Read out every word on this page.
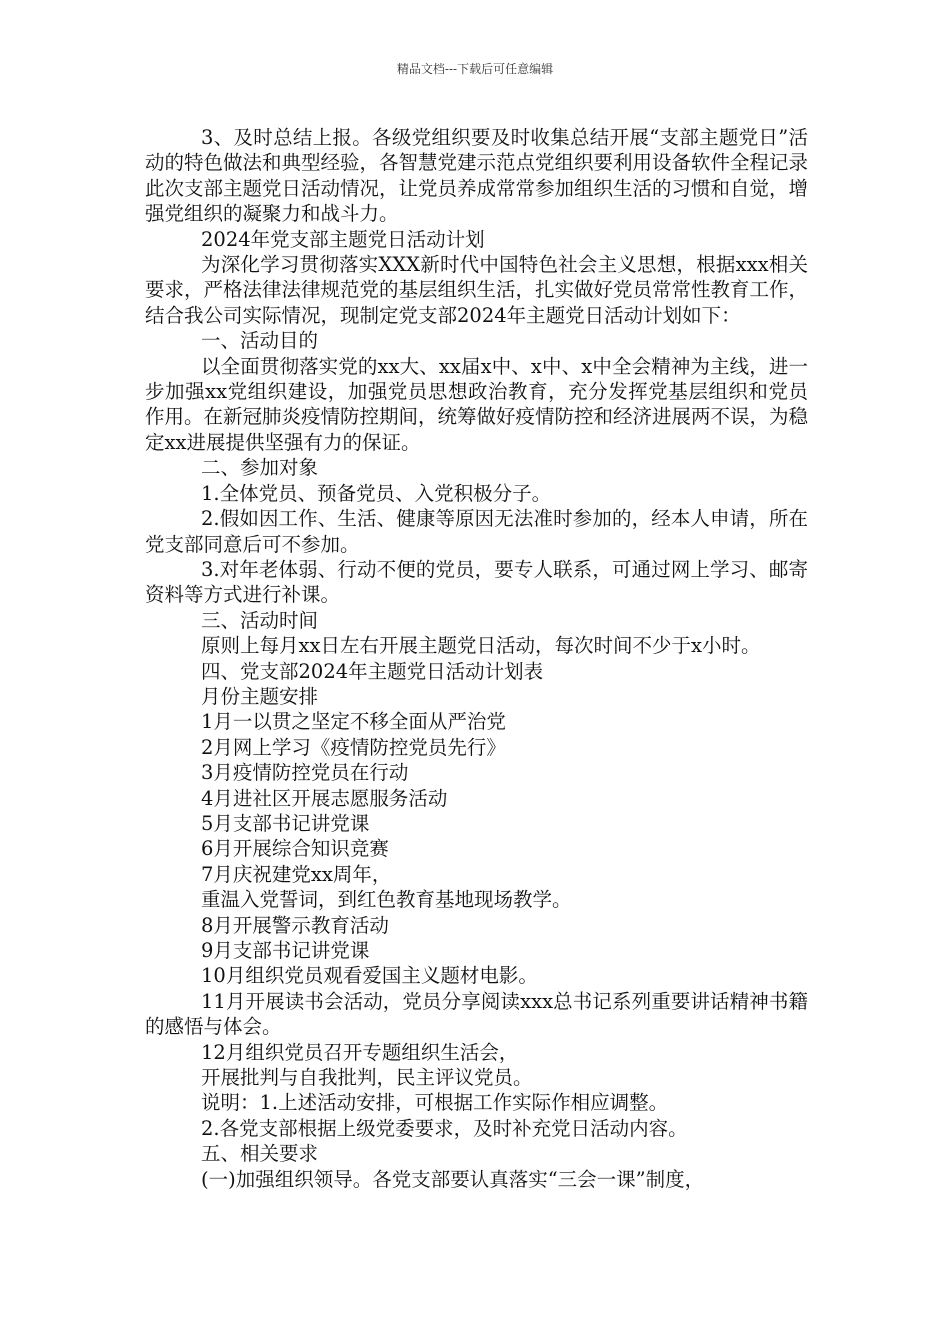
精品文档---下载后可任意编辑

3、及时总结上报。各级党组织要及时收集总结开展“支部主题党日”活动的特色做法和典型经验，各智慧党建示范点党组织要利用设备软件全程记录此次支部主题党日活动情况，让党员养成常常参加组织生活的习惯和自觉，增强党组织的凝聚力和战斗力。

2024年党支部主题党日活动计划

为深化学习贯彻落实XXX新时代中国特色社会主义思想，根据xxx相关要求，严格法律法律规范党的基层组织生活，扎实做好党员常常性教育工作，结合我公司实际情况，现制定党支部2024年主题党日活动计划如下：

一、活动目的

以全面贯彻落实党的xx大、xx届x中、x中、x中全会精神为主线，进一步加强xx党组织建设，加强党员思想政治教育，充分发挥党基层组织和党员作用。在新冠肺炎疫情防控期间，统筹做好疫情防控和经济进展两不误，为稳定xx进展提供坚强有力的保证。

二、参加对象

1.全体党员、预备党员、入党积极分子。

2.假如因工作、生活、健康等原因无法准时参加的，经本人申请，所在党支部同意后可不参加。

3.对年老体弱、行动不便的党员，要专人联系，可通过网上学习、邮寄资料等方式进行补课。

三、活动时间

原则上每月xx日左右开展主题党日活动，每次时间不少于x小时。

四、党支部2024年主题党日活动计划表

月份主题安排

1月一以贯之坚定不移全面从严治党

2月网上学习《疫情防控党员先行》

3月疫情防控党员在行动

4月进社区开展志愿服务活动

5月支部书记讲党课

6月开展综合知识竞赛

7月庆祝建党xx周年，

重温入党誓词，到红色教育基地现场教学。

8月开展警示教育活动

9月支部书记讲党课

10月组织党员观看爱国主义题材电影。

11月开展读书会活动，党员分享阅读xxx总书记系列重要讲话精神书籍的感悟与体会。

12月组织党员召开专题组织生活会，

开展批判与自我批判，民主评议党员。

说明：1.上述活动安排，可根据工作实际作相应调整。

2.各党支部根据上级党委要求，及时补充党日活动内容。

五、相关要求

(一)加强组织领导。各党支部要认真落实“三会一课”制度，
